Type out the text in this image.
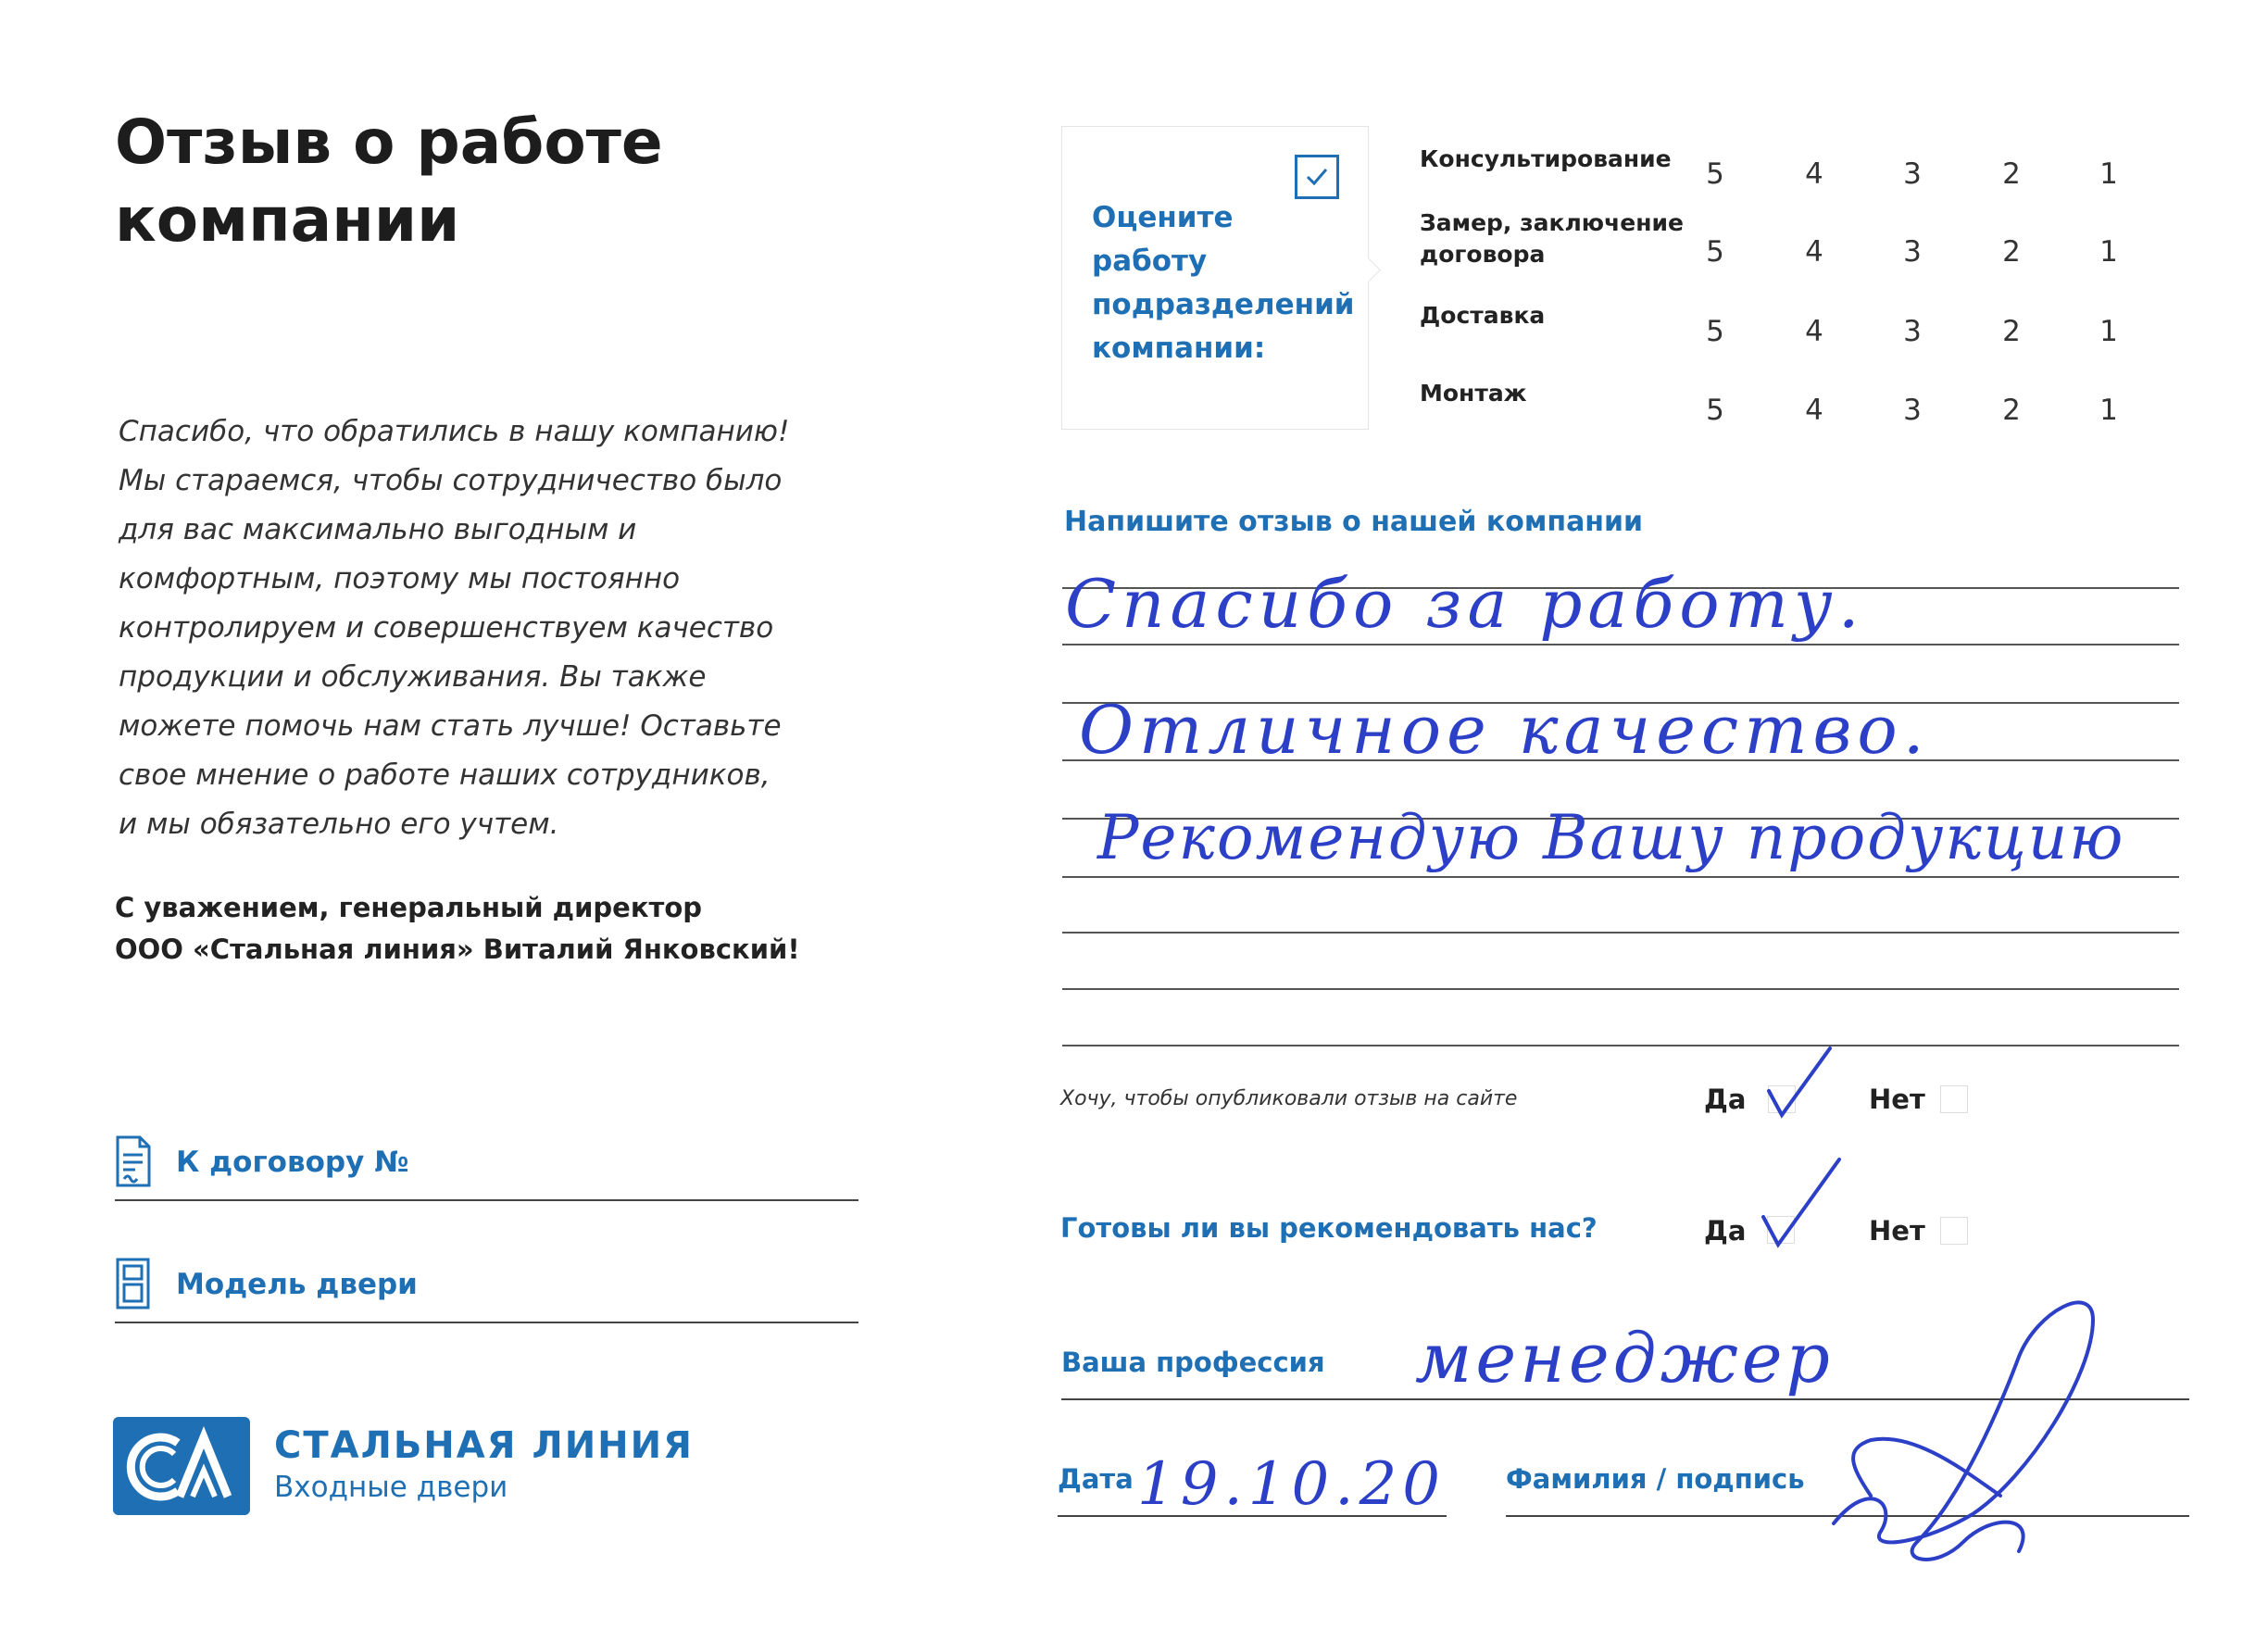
Отзыв о работе
компании
Спасибо, что обратились в нашу компанию!
Мы стараемся, чтобы сотрудничество было
для вас максимально выгодным и
комфортным, поэтому мы постоянно
контролируем и совершенствуем качество
продукции и обслуживания. Вы также
можете помочь нам стать лучше! Оставьте
свое мнение о работе наших сотрудников,
и мы обязательно его учтем.
С уважением, генеральный директор
ООО «Стальная линия» Виталий Янковский!
К договору №
Модель двери
СТАЛЬНАЯ ЛИНИЯ
Входные двери
Оцените
работу
подразделений
компании:
Консультирование 5	4	3	2	1
Замер, заключение
договора	5	4	3	2	1
Доставка	5	4	3	2	1
Монтаж
5	4	3	2	1
Напишите отзыв о нашей компании
Спасибо за работу.
Отличное качество.
Рекомендую Вашу продукцию
Хочу, чтобы опубликовали отзыв на сайте	Да	Нет
Готовы ли вы рекомендовать нас?	Да	Нет
Ваша профессия менеджер
Дата 19.10.20 Фамилия / подпись
